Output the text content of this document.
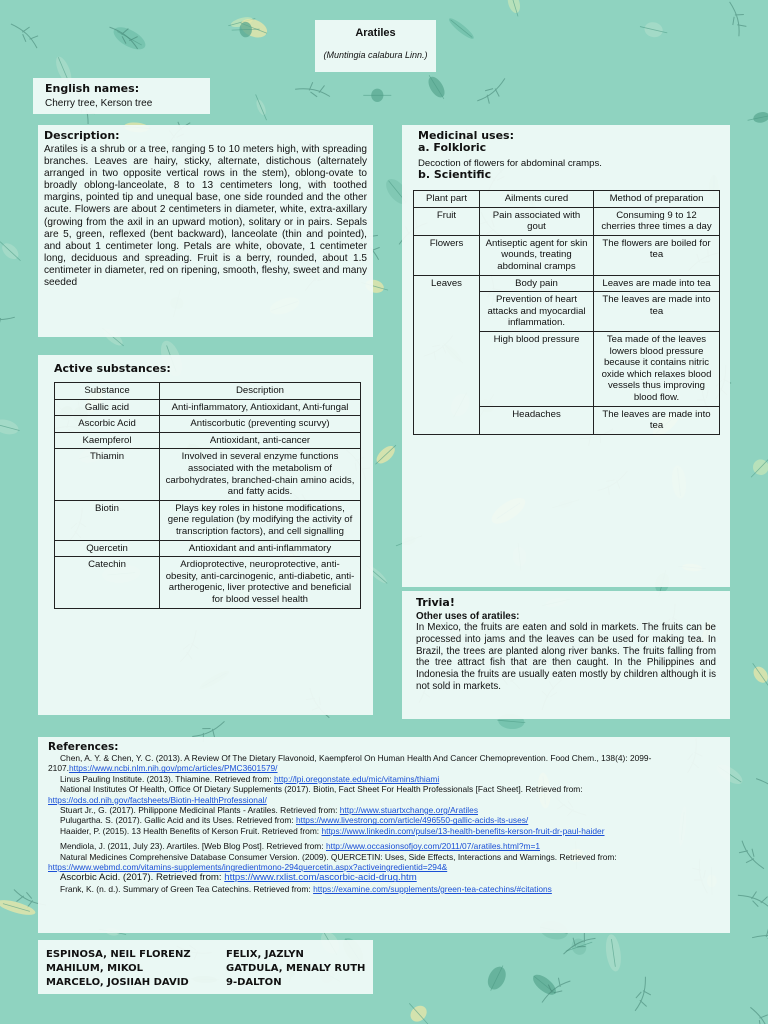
Aratiles
(Muntingia calabura Linn.)
English names:
Cherry tree, Kerson tree
Description:

Aratiles is a shrub or a tree, ranging 5 to 10 meters high, with spreading branches. Leaves are hairy, sticky, alternate, distichous (alternately arranged in two opposite vertical rows in the stem), oblong-ovate to broadly oblong-lanceolate, 8 to 13 centimeters long, with toothed margins, pointed tip and unequal base, one side rounded and the other acute. Flowers are about 2 centimeters in diameter, white, extra-axillary (growing from the axil in an upward motion), solitary or in pairs. Sepals are 5, green, reflexed (bent backward), lanceolate (thin and pointed), and about 1 centimeter long. Petals are white, obovate, 1 centimeter long, deciduous and spreading. Fruit is a berry, rounded, about 1.5 centimeter in diameter, red on ripening, smooth, fleshy, sweet and many seeded

Active substances:
Substance	Description
Gallic acid	Anti-inflammatory, Antioxidant, Anti-fungal
Ascorbic Acid	Antiscorbutic (preventing scurvy)
Kaempferol	Antioxidant, anti-cancer
Thiamin	Involved in several enzyme functions associated with the metabolism of carbohydrates, branched-chain amino acids, and fatty acids.
Biotin	Plays key roles in histone modifications, gene regulation (by modifying the activity of transcription factors), and cell signalling
Quercetin	Antioxidant and anti-inflammatory
Catechin	Ardioprotective, neuroprotective, anti-obesity, anti-carcinogenic, anti-diabetic, anti-artherogenic, liver protective and beneficial for blood vessel health
Medicinal uses:
a. Folkloric
Decoction of flowers for abdominal cramps.
b. Scientific
Plant part	Ailments cured	Method of preparation
Fruit	Pain associated with gout	Consuming 9 to 12 cherries three times a day
Flowers	Antiseptic agent for skin wounds, treating abdominal cramps	The flowers are boiled for tea
Leaves	Body pain	Leaves are made into tea
	Prevention of heart attacks and myocardial inflammation.	The leaves are made into tea
	High blood pressure	Tea made of the leaves lowers blood pressure because it contains nitric oxide which relaxes blood vessels thus improving blood flow.
	Headaches	The leaves are made into tea
Trivia!
Other uses of aratiles:

In Mexico, the fruits are eaten and sold in markets. The fruits can be processed into jams and the leaves can be used for making tea. In Brazil, the trees are planted along river banks. The fruits falling from the tree attract fish that are then caught. In the Philippines and Indonesia the fruits are usually eaten mostly by children although it is not sold in markets.

References:
Chen, A. Y. & Chen, Y. C. (2013). A Review Of The Dietary Flavonoid, Kaempferol On Human Health And Cancer Chemoprevention. Food Chem., 138(4): 2099-2107.https://www.ncbi.nlm.nih.gov/pmc/articles/PMC3601579/
Linus Pauling Institute. (2013). Thiamine. Retrieved from: http://lpi.oregonstate.edu/mic/vitamins/thiami
National Institutes Of Health, Office Of Dietary Supplements (2017). Biotin, Fact Sheet For Health Professionals [Fact Sheet]. Retrieved from: https://ods.od.nih.gov/factsheets/Biotin-HealthProfessional/
Stuart Jr., G. (2017). Philippone Medicinal Plants - Aratiles. Retrieved from: http://www.stuartxchange.org/Aratiles
Pulugartha. S. (2017). Gallic Acid and its Uses. Retrieved from: https://www.livestrong.com/article/496550-gallic-acids-its-uses/
Haaider, P. (2015). 13 Health Benefits of Kerson Fruit. Retrieved from: https://www.linkedin.com/pulse/13-health-benefits-kerson-fruit-dr-paul-haider
Mendiola, J. (2011, July 23). Arartiles. [Web Blog Post]. Retrieved from: http://www.occasionsofjoy.com/2011/07/aratiles.html?m=1
Natural Medicines Comprehensive Database Consumer Version. (2009). QUERCETIN: Uses, Side Effects, Interactions and Warnings. Retrieved from: https://www.webmd.com/vitamins-supplements/ingredientmono-294quercetin.aspx?activeingredientid=294&
Ascorbic Acid. (2017). Retrieved from: https://www.rxlist.com/ascorbic-acid-drug.htm
Frank, K. (n. d.). Summary of Green Tea Catechins. Retrieved from: https://examine.com/supplements/green-tea-catechins/#citations
ESPINOSA, NEIL FLORENZ	FELIX, JAZLYN
MAHILUM, MIKOL	GATDULA, MENALY RUTH
MARCELO, JOSIIAH DAVID	9-DALTON
